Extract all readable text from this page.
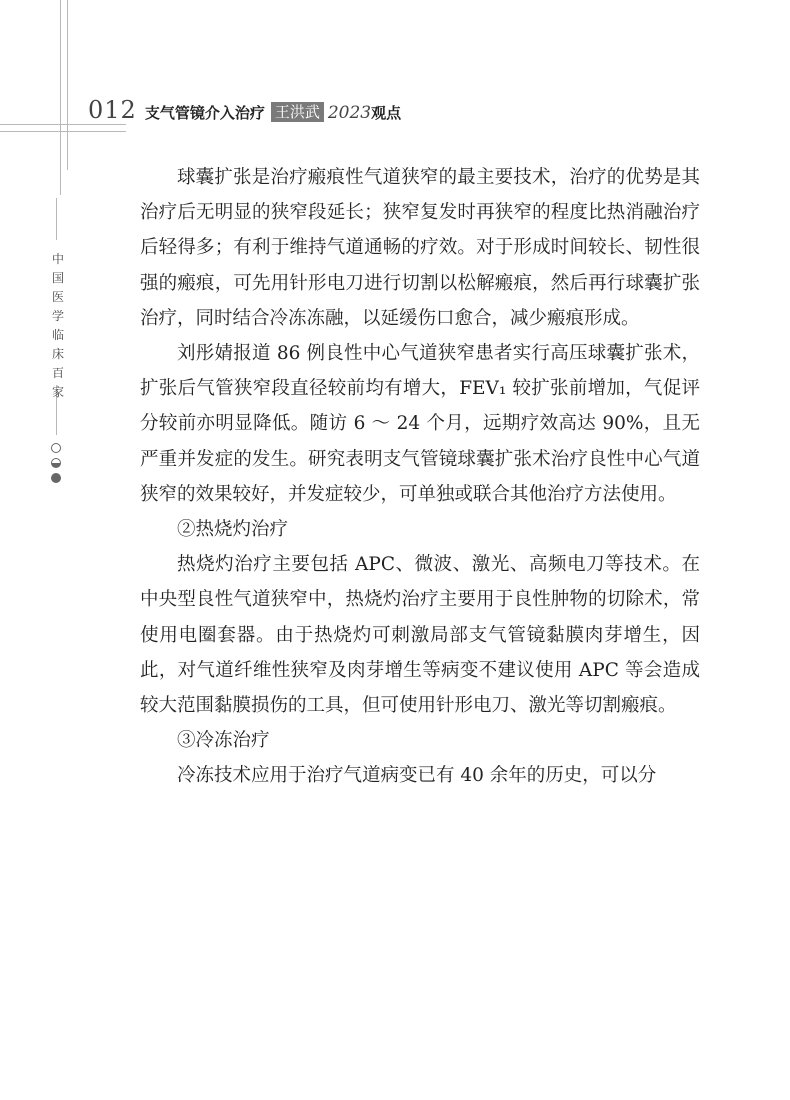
012 支气管镜介入治疗 王洪武 2023 观点
中国医学临床百家

球囊扩张是治疗瘢痕性气道狭窄的最主要技术，治疗的优势是其治疗后无明显的狭窄段延长；狭窄复发时再狭窄的程度比热消融治疗后轻得多；有利于维持气道通畅的疗效。对于形成时间较长、韧性很强的瘢痕，可先用针形电刀进行切割以松解瘢痕，然后再行球囊扩张治疗，同时结合冷冻冻融，以延缓伤口愈合，减少瘢痕形成。

刘彤婧报道 86 例良性中心气道狭窄患者实行高压球囊扩张术，扩张后气管狭窄段直径较前均有增大，FEV₁ 较扩张前增加，气促评分较前亦明显降低。随访 6 ～ 24 个月，远期疗效高达 90%，且无严重并发症的发生。研究表明支气管镜球囊扩张术治疗良性中心气道狭窄的效果较好，并发症较少，可单独或联合其他治疗方法使用。

②热烧灼治疗

热烧灼治疗主要包括 APC、微波、激光、高频电刀等技术。在中央型良性气道狭窄中，热烧灼治疗主要用于良性肿物的切除术，常使用电圈套器。由于热烧灼可刺激局部支气管镜黏膜肉芽增生，因此，对气道纤维性狭窄及肉芽增生等病变不建议使用 APC 等会造成较大范围黏膜损伤的工具，但可使用针形电刀、激光等切割瘢痕。

③冷冻治疗

冷冻技术应用于治疗气道病变已有 40 余年的历史，可以分
